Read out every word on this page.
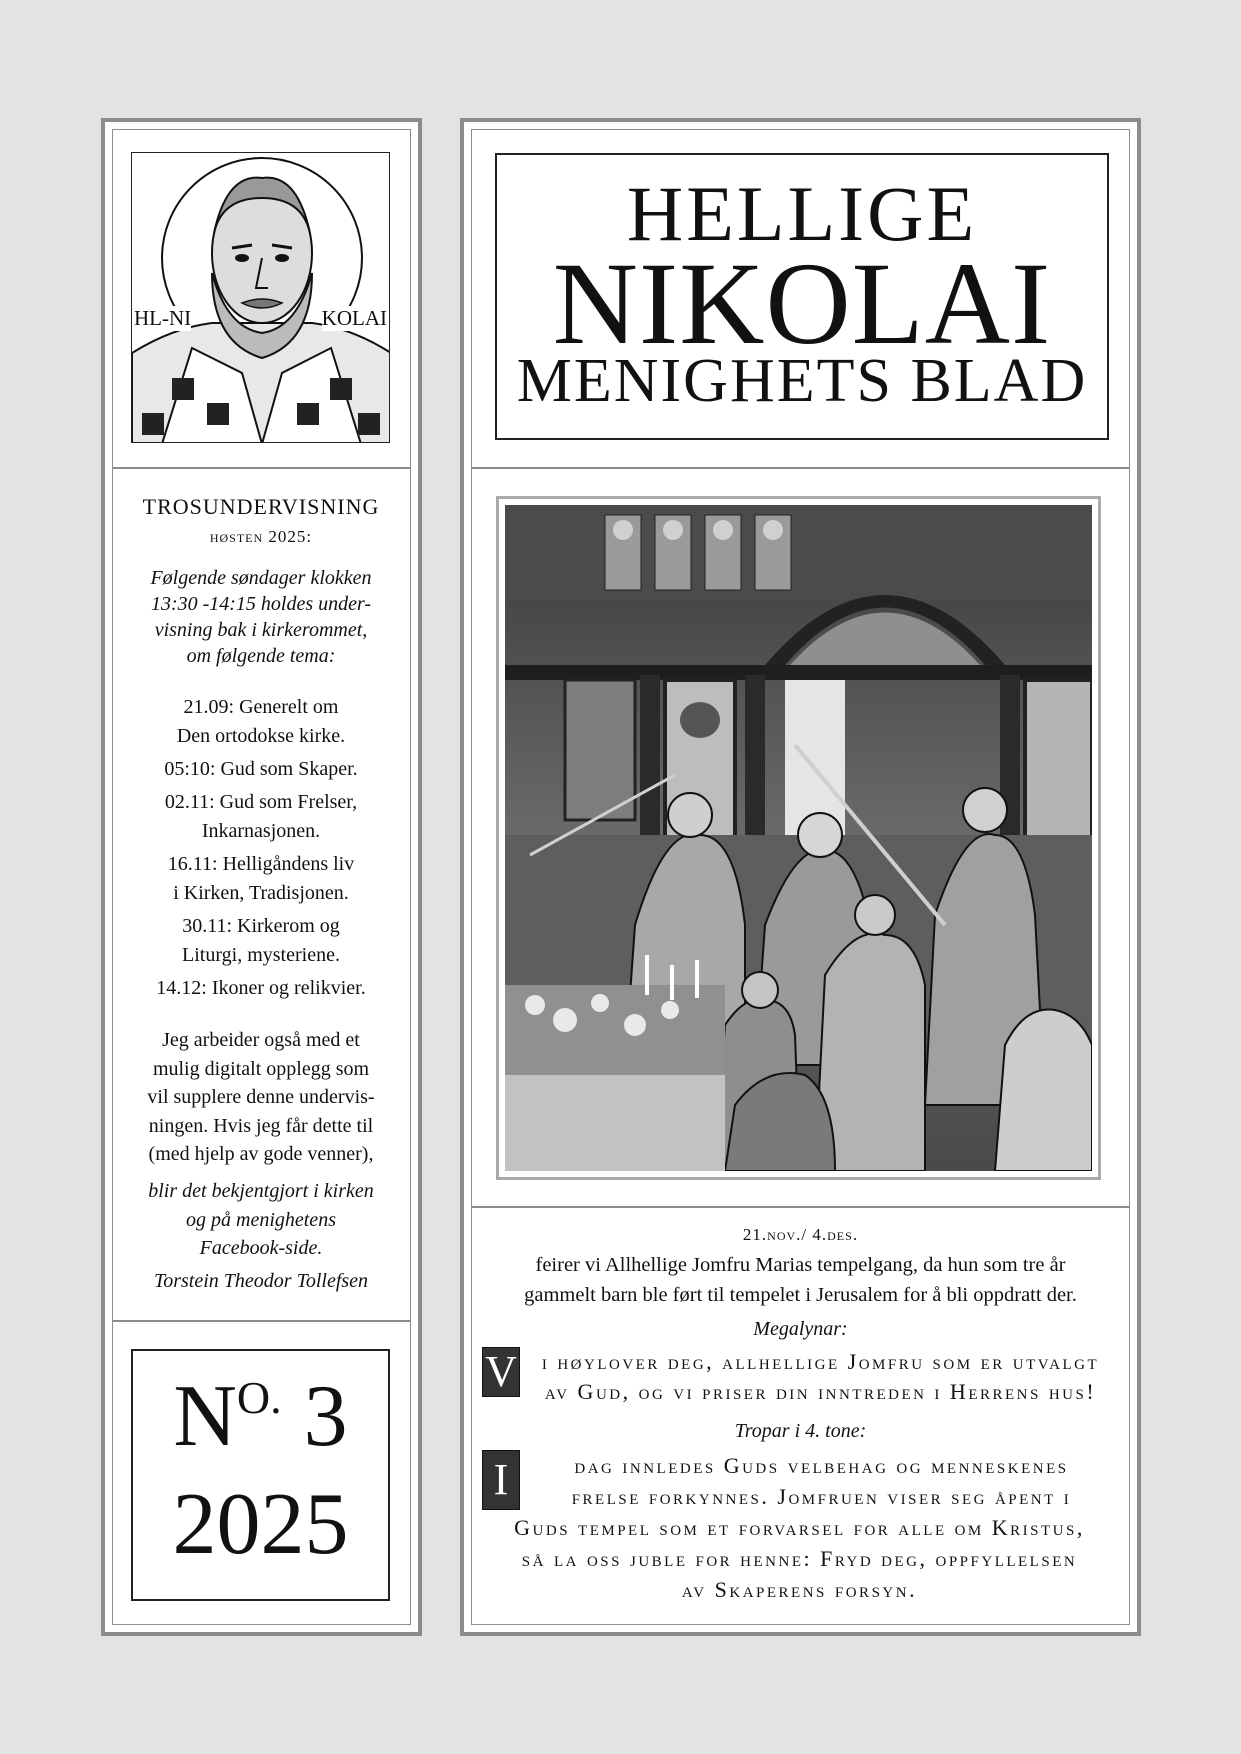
HL-NI	KOLAI
TROSUNDERVISNING
høsten 2025:
Følgende søndager klokken
13:30 -14:15 holdes under-
visning bak i kirkerommet,
om følgende tema:
21.09: Generelt om
Den ortodokse kirke.
05:10: Gud som Skaper.
02.11: Gud som Frelser,
Inkarnasjonen.
16.11: Helligåndens liv
i Kirken, Tradisjonen.
30.11: Kirkerom og
Liturgi, mysteriene.
14.12: Ikoner og relikvier.
Jeg arbeider også med et
mulig digitalt opplegg som
vil supplere denne undervis-
ningen. Hvis jeg får dette til
(med hjelp av gode venner),
blir det bekjentgjort i kirken
og på menighetens
Facebook-side.
Torstein Theodor Tollefsen
$N^{O.}$ 3
2025
HELLIGE
NIKOLAI
MENIGHETS BLAD
21.nov./ 4.des.
feirer vi Allhellige Jomfru Marias tempelgang, da hun som tre år
gammelt barn ble ført til tempelet i Jerusalem for å bli oppdratt der.
Megalynar:
V	i høylover deg, allhellige Jomfru som er utvalgt
av Gud, og vi priser din inntreden i Herrens hus!
Tropar i 4. tone:
I	dag innledes Guds velbehag og menneskenes
frelse forkynnes. Jomfruen viser seg åpent i
Guds tempel som et forvarsel for alle om Kristus,
så la oss juble for henne: Fryd deg, oppfyllelsen
av Skaperens forsyn.
